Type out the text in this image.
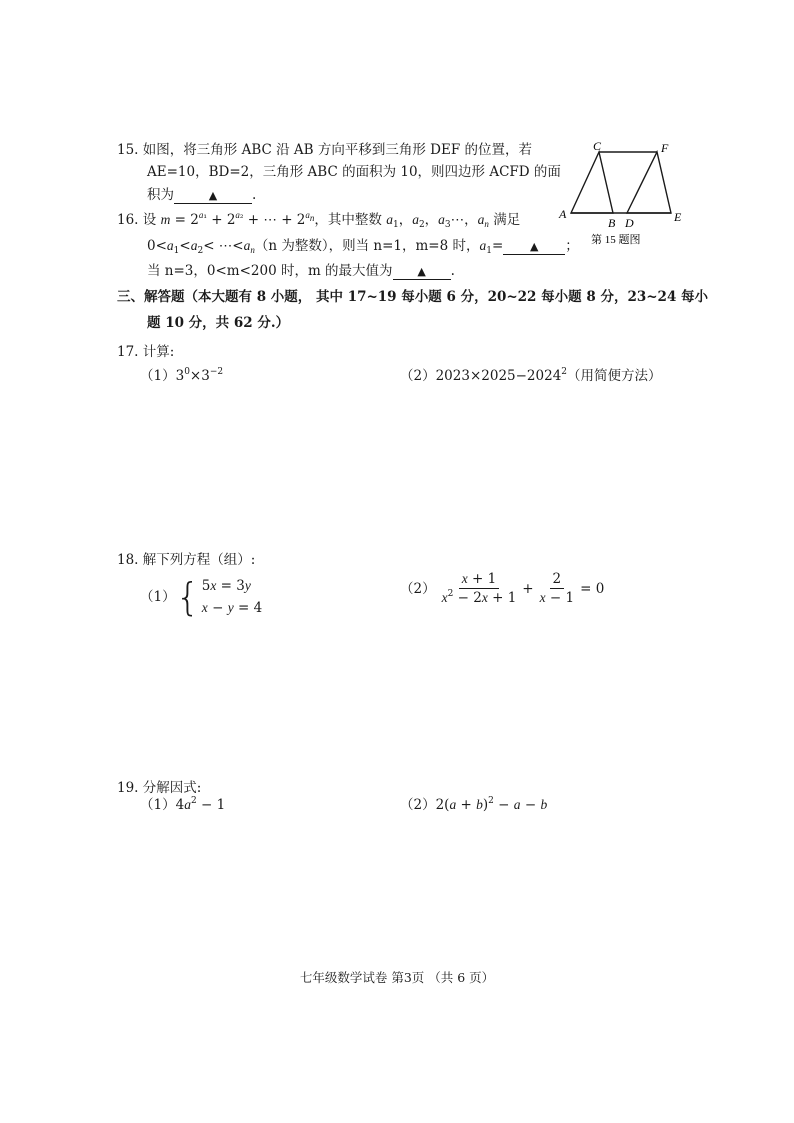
15. 如图，将三角形 ABC 沿 AB 方向平移到三角形 DEF 的位置，若
AE=10，BD=2，三角形 ABC 的面积为 10，则四边形 ACFD 的面
积为	▲	.
A
C	F
B D	E
第 15 题图
16. 设 $m = 2^{a_1} + 2^{a_2}$ + ⋯ + $2^{a_n}$，其中整数 $a_1$，$a_2$，$a_3\cdots$，$a_n$ 满足
$0<a_1<a_2<$ $\cdots<a_n(n$ 为整数），则当 n=1，m=8 时，$a_1=$ ▲ ；
当 n=3，0<m<200 时，m 的最大值为 ▲ .
三、解答题（本大题有 8 小题， 其中 17~19 每小题 6 分，20~22 每小题 8 分，23~24 每小
题 10 分，共 62 分.）
17. 计算:
$(1)3^0\times 3^{-2}$	$(2)2023\times 2025-2024^2$（用简便方法）
18. 解下列方程（组）:
（1） { 5x = 3y
x − y = 4
$(2) \frac{x + 1}{x^2 - 2x + 1} + \frac{2}{x - 1} = 0$
19. 分解因式:
$(1)4a^2 - 1$	$(2)2(a + b)^2 - a - b$
七年级数学试卷 第3页 （共 6 页）
